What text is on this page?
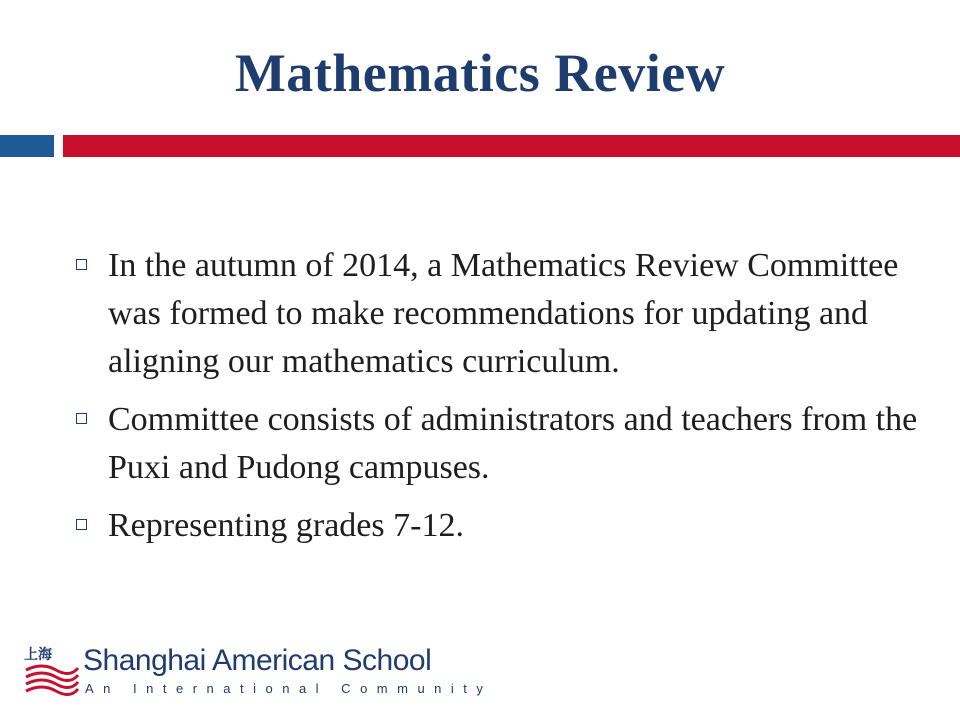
Mathematics Review
In the autumn of 2014, a Mathematics Review Committee was formed to make recommendations for updating and aligning our mathematics curriculum.
Committee consists of administrators and teachers from the Puxi and Pudong campuses.
Representing grades 7-12.
上海 Shanghai American School
An International Community
